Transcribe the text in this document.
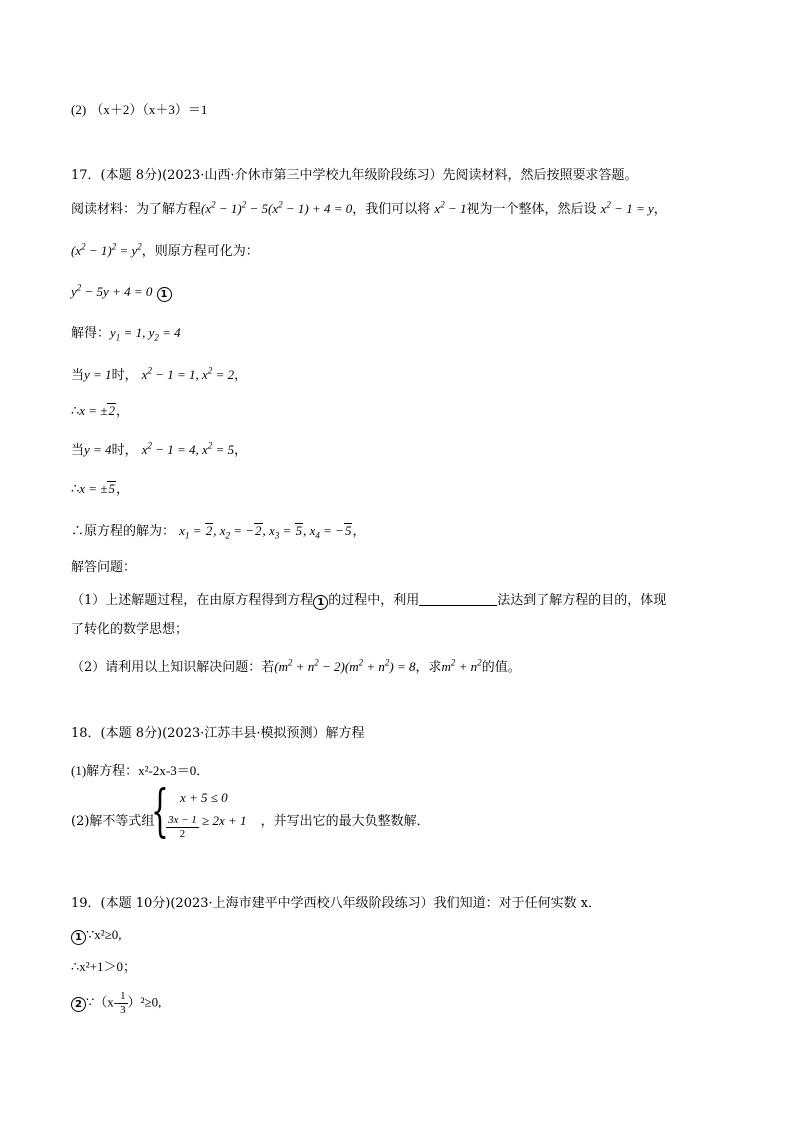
(2) （x＋2）（x＋3）＝1
17．(本题 8分)(2023·山西·介休市第三中学校九年级阶段练习）先阅读材料，然后按照要求答题。
阅读材料：为了解方程$(x^2 - 1)^2 - 5(x^2 - 1) + 4 = 0$，我们可以将 $x^2 - 1$视为一个整体，然后设 $x^2 - 1 = y$，
$(x^2 - 1)^2 = y^2$，则原方程可化为：
$y^2 - 5y + 4 = 0$ 1
解得：$y_1 = 1$, $y_2 = 4$
当y = 1时， $x^2 - 1 = 1$, $x^2 = 2$，
∴x = ±2，
当y = 4时， $x^2 - 1 = 4$, $x^2 = 5$，
∴x = ±5，
∴原方程的解为： $x_1 = 2$, $x_2 = -2$, $x_3 = 5$, $x_4 = -5$，
解答问题：
（1）上述解题过程，在由原方程得到方程 1 的过程中，利用	法达到了解方程的目的，体现
了转化的数学思想；
（2）请利用以上知识解决问题：若$(m^2 + n^2 - 2)(m^2 + n^2) = 8$，求$m^2 + n^2$的值。
18．(本题 8分)(2023·江苏丰县·模拟预测）解方程
(1)解方程：x²-2x-3＝0．
(2)解不等式组	，并写出它的最大负整数解．
{ x + 5 ≤ 0
$\frac{3x - 1}{2} \ge 2x + 1$
19．(本题 10分)(2023·上海市建平中学西校八年级阶段练习）我们知道：对于任何实数 x．
1 ∵x²≥0,
∴x²+1＞0；
2 ∵（x- $\frac{1}{3} )^2\ge 0$,
